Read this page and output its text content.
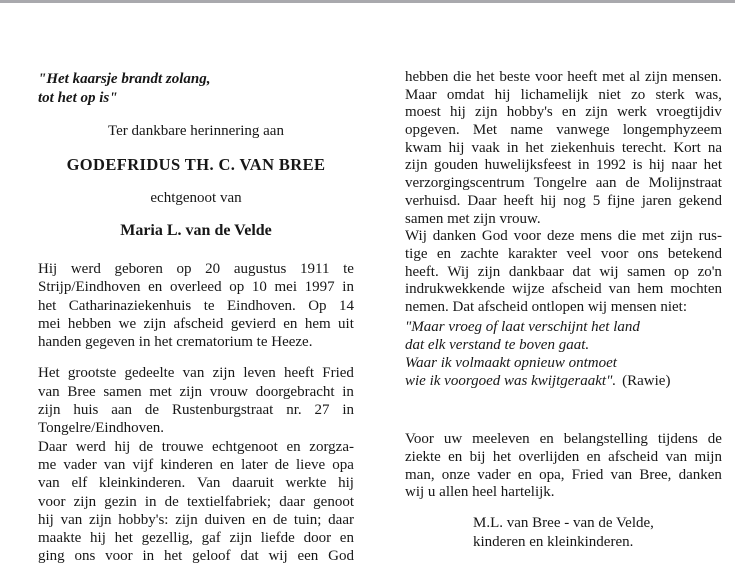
"Het kaarsje brandt zolang,
tot het op is"
Ter dankbare herinnering aan
GODEFRIDUS TH. C. VAN BREE
echtgenoot van
Maria L. van de Velde
Hij werd geboren op 20 augustus 1911 te
Strijp/Eindhoven en overleed op 10 mei 1997 in
het Catharinaziekenhuis te Eindhoven. Op 14
mei hebben we zijn afscheid gevierd en hem uit
handen gegeven in het crematorium te Heeze.
Het grootste gedeelte van zijn leven heeft Fried
van Bree samen met zijn vrouw doorgebracht in
zijn huis aan de Rustenburgstraat nr. 27 in
Tongelre/Eindhoven.
Daar werd hij de trouwe echtgenoot en zorgza-
me vader van vijf kinderen en later de lieve opa
van elf kleinkinderen. Van daaruit werkte hij
voor zijn gezin in de textielfabriek; daar genoot
hij van zijn hobby's: zijn duiven en de tuin; daar
maakte hij het gezellig, gaf zijn liefde door en
ging ons voor in het geloof dat wij een God
hebben die het beste voor heeft met al zijn mensen.
Maar omdat hij lichamelijk niet zo sterk was,
moest hij zijn hobby's en zijn werk vroegtijdiv
opgeven. Met name vanwege longemphyzeem
kwam hij vaak in het ziekenhuis terecht. Kort na
zijn gouden huwelijksfeest in 1992 is hij naar het
verzorgingscentrum Tongelre aan de Molijnstraat
verhuisd. Daar heeft hij nog 5 fijne jaren gekend
samen met zijn vrouw.
Wij danken God voor deze mens die met zijn rus-
tige en zachte karakter veel voor ons betekend
heeft. Wij zijn dankbaar dat wij samen op zo'n
indrukwekkende wijze afscheid van hem mochten
nemen. Dat afscheid ontlopen wij mensen niet:
"Maar vroeg of laat verschijnt het land
dat elk verstand te boven gaat.
Waar ik volmaakt opnieuw ontmoet
wie ik voorgoed was kwijtgeraakt". (Rawie)
Voor uw meeleven en belangstelling tijdens de
ziekte en bij het overlijden en afscheid van mijn
man, onze vader en opa, Fried van Bree, danken
wij u allen heel hartelijk.
M.L. van Bree - van de Velde,
kinderen en kleinkinderen.
